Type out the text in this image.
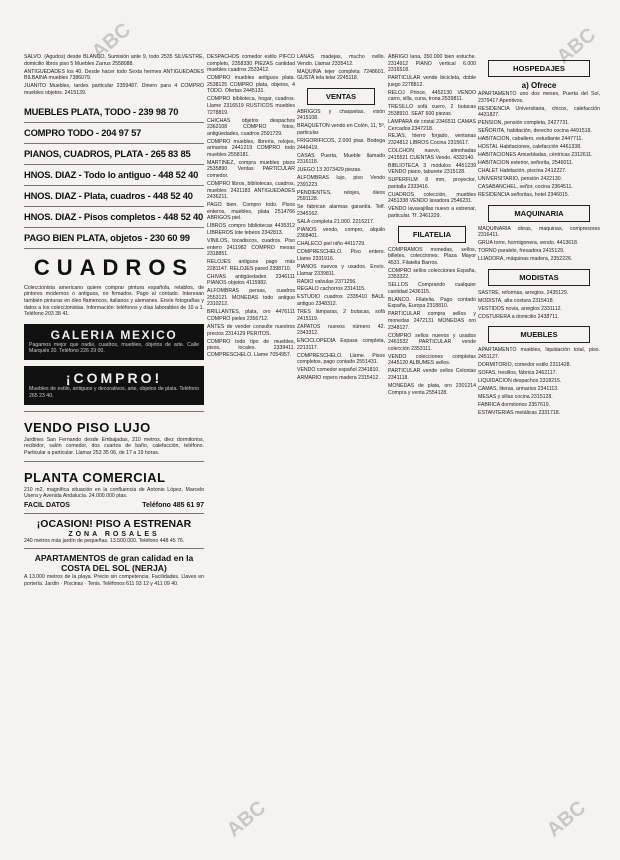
SALVO. (Agudos) desde BLANCO, Sumisión ante 9, todo 2535 SILVESTRE, domicilio libros piso 5 Muebles Zarrus 2558088.

ANTIGUEDADES los 40. Desde hacer todo Sexta hermes ANTIGUEDADES BILBAINA muebles 7386079.

JUANITO Muebles, tardes particular 2359487. Dinero para 4 COMPRO muebles objetos. 2415139.

MUEBLES PLATA, TODO - 239 98 70
COMPRO TODO - 204 97 57
PIANOS, CUADROS, PLATA - 265 83 85
HNOS. DIAZ - Todo lo antiguo - 448 52 40
HNOS. DIAZ - Plata, cuadros - 448 52 40
HNOS. DIAZ - Pisos completos - 448 52 40
PAGO BIEN PLATA, objetos - 230 60 99
CUADROS

Coleccionista americano quiere comprar pintura española, retablos, de pintores modernos o antiguos, no firmados. Pago al contado. Interesan también pinturas en óleo flamencos, italianos y alemanes. Envíe fotografías y datos a los coleccionistas. Información: teléfonos y días laborables de 10 a 1. Teléfono 203 38 41.

GALERIA MEXICO

Pagamos mejor que nadie, cuadros, muebles, objetos de arte. Calle Marqués 20. Teléfono 226 29 00.

¡COMPRO!

Muebles de estilo, antiguos y decorativos, arte, objetos de plata. Teléfono 265 23 40.

VENDO PISO LUJO

Jardines San Fernando desde Embajadas, 210 metros, diez dormitorios, recibidor, salón comedor, dos cuartos de baño, calefacción, teléfono. Particular a particular. Llamar 253 35 06, de 17 a 19 horas.

PLANTA COMERCIAL

210 m2, magnífica situación en la confluencia de Antonio López, Marcelo Usera y Avenida Andalucía. 24.000.000 ptas.

FACIL DATOS	Teléfono 485 61 97
¡OCASION! PISO A ESTRENAR
ZONA ROSALES

240 metros más jardín de pequeñas. 13.500.000. Teléfono 448 45 76.

APARTAMENTOS de gran calidad en la COSTA DEL SOL (NERJA)

A 13.000 metros de la playa. Precio sin competencia. Facilidades. Llaves en portería. Jardín · Piscinas · Tenis. Teléfonos 611 93 12 y 411 09 40.

DESPACHOS comedor estilo PIFCO completo, 2358330 PIEZAS cantidad muebles cuadros 2533412.

COMPRO muebles antiguos plata. 2538125 COMPRO plata, objetos, 4 TODO. Ofertas 2445131.

COMPRO biblioteca, hogar, cuadros. Llame 2316519 RUSTICOS muebles 7278819.

CHICHAS objetos despachos 2362108 COMPRO fotos, antigüedades, cuadros 2591729.

COMPRO muebles, librería, relojes, armarios 2441219 COMPRO todo muebles 2558181.

MARTINEZ, compra muebles pisos 2535890. Ventas PARTICULAR comedor.

COMPRO libros, bibliotecas, cuadros, muebles 2421183 ANTIGUEDADES 2436211.

PAGO bien. Compro todo. Pisos enteros, muebles, plata 2514766 ABRIGOS piel.

LIBROS compro bibliotecas 4435312 LIBREROS lote tebeos 2342813.

VINILOS, tocadiscos, cuadros. Piso entero 2411982 COMPRO mesas 2318851.

RELOJES antiguos pago más 2281147. RELOJES pared 2398710.

CHIVAS antigüedades 2346111 PIANOS objetos 4115982.

ALFOMBRAS persas, cuadros 2553121 MONEDAS todo antiguo 2310212.

BRILLANTES, plata, oro 4476111 COMPRO pieles 2356712.

ANTES de vender consulte nuestros precios 2314129 PERITOS.

COMPRO todo tipo de muebles, pisos, locales. 2339411. COMPRESCHELO. Llame 7054957.

LANAS madejas, mucho ovillo. Vendo. Llamar 2335412.

MAQUINA tejer completa 7248601. GUSTA tela telar 2245118.

VENTAS

ABRIGOS y chaquetas, visón 2415108.

BRAQUETON vendo en Colón, 11, 5º, particular.

FRIGORIFICOS, 2.000 ptas. Bodega 2446419.

CASAS Puerta, Mueble llamado 2316118.

JUEGO 13 2073429 piezas.

ALFOMBRAS lujo, piso Vendo 2391223.

PENDIENTES, relojes, óleos 2591128.

Se fabrican alarmas garantía. Telf. 2345162.

SALA completa 21.000. 2216217.

PIANOS vendo, compro, alquilo 2368401.

CHALECO piel niño 4411729.

COMPRESCHELO. Piso entero. Llame 2331916.

PIANOS nuevos y usados. Envío. Llamar 2339811.

RADIO valvulas 2371256.

REGALO cachorros 2314115.

ESTUDIO cuadros 2335410 BAUL antiguo 2348312.

TRES lámparas, 2 butacas, sofá 2415119.

ZAPATOS nuevos número 42. 2343312.

ENCICLOPEDIA Espasa completa, 2213117.

COMPRESCHELO. Llame. Pisos completos, pago contado 2551431.

VENDO comedor español 2341810.

ARMARIO ropero madera 2315412.

ABRIGO lana, 350.000 bien estuche. 2314912 PIANO vertical 6.000 2316518.

PARTICULAR vende bicicleta, doble juego 2278812.

RELOJ Prince, 4452130 VENDO carro, silla, cuna, trona 2539811.

TRESILLO sofá cuero, 2 butacas 2538910. SEAT 600 piezas.

LAMPARA de cristal 2346511 CAMAS Cercados 2347218.

REJAS, hierro forjado, ventanas 2324812 LIBROS Cocina 2315617.

COLCHON nuevo, almohadas 2415521 CUENTAS Vendo. 4332140.

BIBLIOTECA 3 módulos 4451239 VENDO piano, taburete 2315128.

SUPERFILM 8 mm, proyector, pantalla 2333416.

CUADROS colección, muebles 2451338 VENDO lavadora 2546231.

VENDO lavavajillas nuevo a estrenar, particular. Tf. 2461229.

FILATELIA

COMPRAMOS monedas, sellos, billetes, colecciones. Plaza Mayor 4531. Filatelia Barros.

COMPRO sellos colecciones España, 2353322.

SELLOS Comprando cualquier cantidad 2436115.

BLANCO. Filatelia. Pago contado España, Europa 2318810.

PARTICULAR compra sellos y monedas 2472131 MONEDAS oro 2348127.

COMPRO sellos nuevos y usados 2461532 PARTICULAR vende colección 2353111.

VENDO colecciones completas 2445120 ALBUMES sellos.

PARTICULAR vende sellos Colonias 2341118.

MONEDAS de plata, oro 2301214 Compra y venta 2554128.

HOSPEDAJES
a) Ofrece

APARTAMENTO uno dos meses, Puerta del Sol, 2379417 Aperitivos.

RESIDENCIA Universitaria, chicos, calefacción 4431827.

PENSION, pensión completa, 2427731.

SEÑORITA, habitación, derecho cocina 4491518.

HABITACION, caballero, estudiante 2447711.

HOSTAL Habitaciones, calefacción 4461338.

HABITACIONES Amuebladas, céntricas 2312611.

HABITACION exterior, señorita, 2546011.

CHALET Habitación, piscina 2412227.

UNIVERSITARIO, pensión 2422130.

CASABANCHEL, señor, cocina 2364511.

RESIDENCIA señoritas, hotel 2346015.

MAQUINARIA

MAQUINARIA obras, maquinas, compresores 2316411.

GRUA torre, hormigonera, vendo. 4413618.

TORNO paralelo, fresadora 2415129.

LIJADORA, máquinas madera, 2352226.

MODISTAS

SASTRE, reformas, arreglos. 2435129.

MODISTA, alta costura 2315418.

VESTIDOS novia, arreglos 2331112.

COSTURERA a domicilio 2438711.

MUEBLES

APARTAMENTO muebles, liquidación total, piso. 2451127.

DORMITORIO, comedor estilo 2311428.

SOFAS, tresillos, fábrica 2462117.

LIQUIDACION despachos 2318215.

CAMAS, literas, armarios 2341113.

MESAS y sillas cocina 2315128.

FABRICA dormitorios 2357619.

ESTANTERIAS metálicas 2331718.

ABC	ABC
ABC	ABC
